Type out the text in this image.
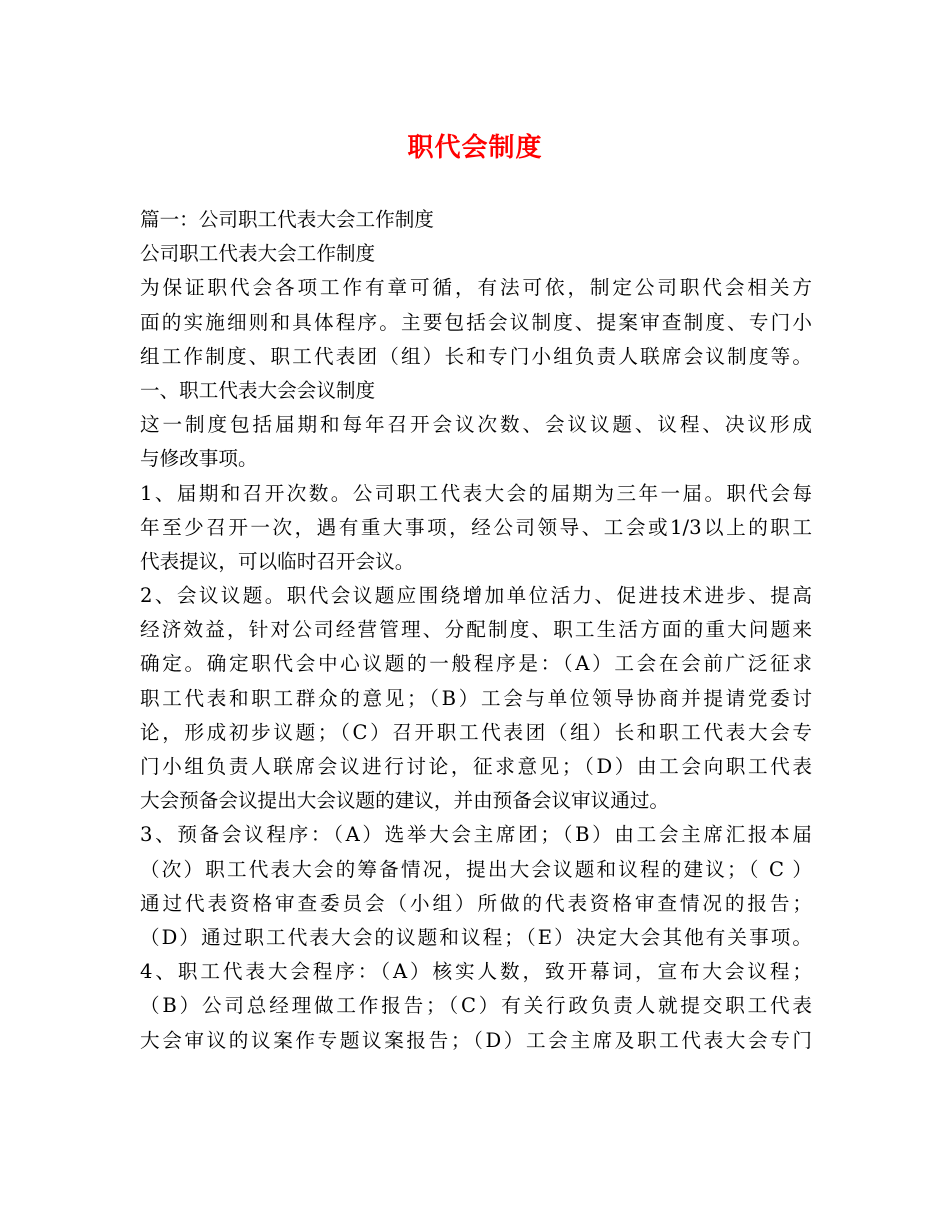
职代会制度
篇一：公司职工代表大会工作制度
公司职工代表大会工作制度
为保证职代会各项工作有章可循，有法可依，制定公司职代会相关方
面的实施细则和具体程序。主要包括会议制度、提案审查制度、专门小
组工作制度、职工代表团（组）长和专门小组负责人联席会议制度等。
一、职工代表大会会议制度
这一制度包括届期和每年召开会议次数、会议议题、议程、决议形成
与修改事项。
1、届期和召开次数。公司职工代表大会的届期为三年一届。职代会每
年至少召开一次，遇有重大事项，经公司领导、工会或1/3以上的职工
代表提议，可以临时召开会议。
2、会议议题。职代会议题应围绕增加单位活力、促进技术进步、提高
经济效益，针对公司经营管理、分配制度、职工生活方面的重大问题来
确定。确定职代会中心议题的一般程序是：（A）工会在会前广泛征求
职工代表和职工群众的意见；（B）工会与单位领导协商并提请党委讨
论，形成初步议题；（C）召开职工代表团（组）长和职工代表大会专
门小组负责人联席会议进行讨论，征求意见；（D）由工会向职工代表
大会预备会议提出大会议题的建议，并由预备会议审议通过。
3、预备会议程序：（A）选举大会主席团；（B）由工会主席汇报本届
（次）职工代表大会的筹备情况，提出大会议题和议程的建议；（ C ）
通过代表资格审查委员会（小组）所做的代表资格审查情况的报告；
（D）通过职工代表大会的议题和议程；（E）决定大会其他有关事项。
4、职工代表大会程序：（A）核实人数，致开幕词，宣布大会议程；
（B）公司总经理做工作报告；（C）有关行政负责人就提交职工代表
大会审议的议案作专题议案报告；（D）工会主席及职工代表大会专门
